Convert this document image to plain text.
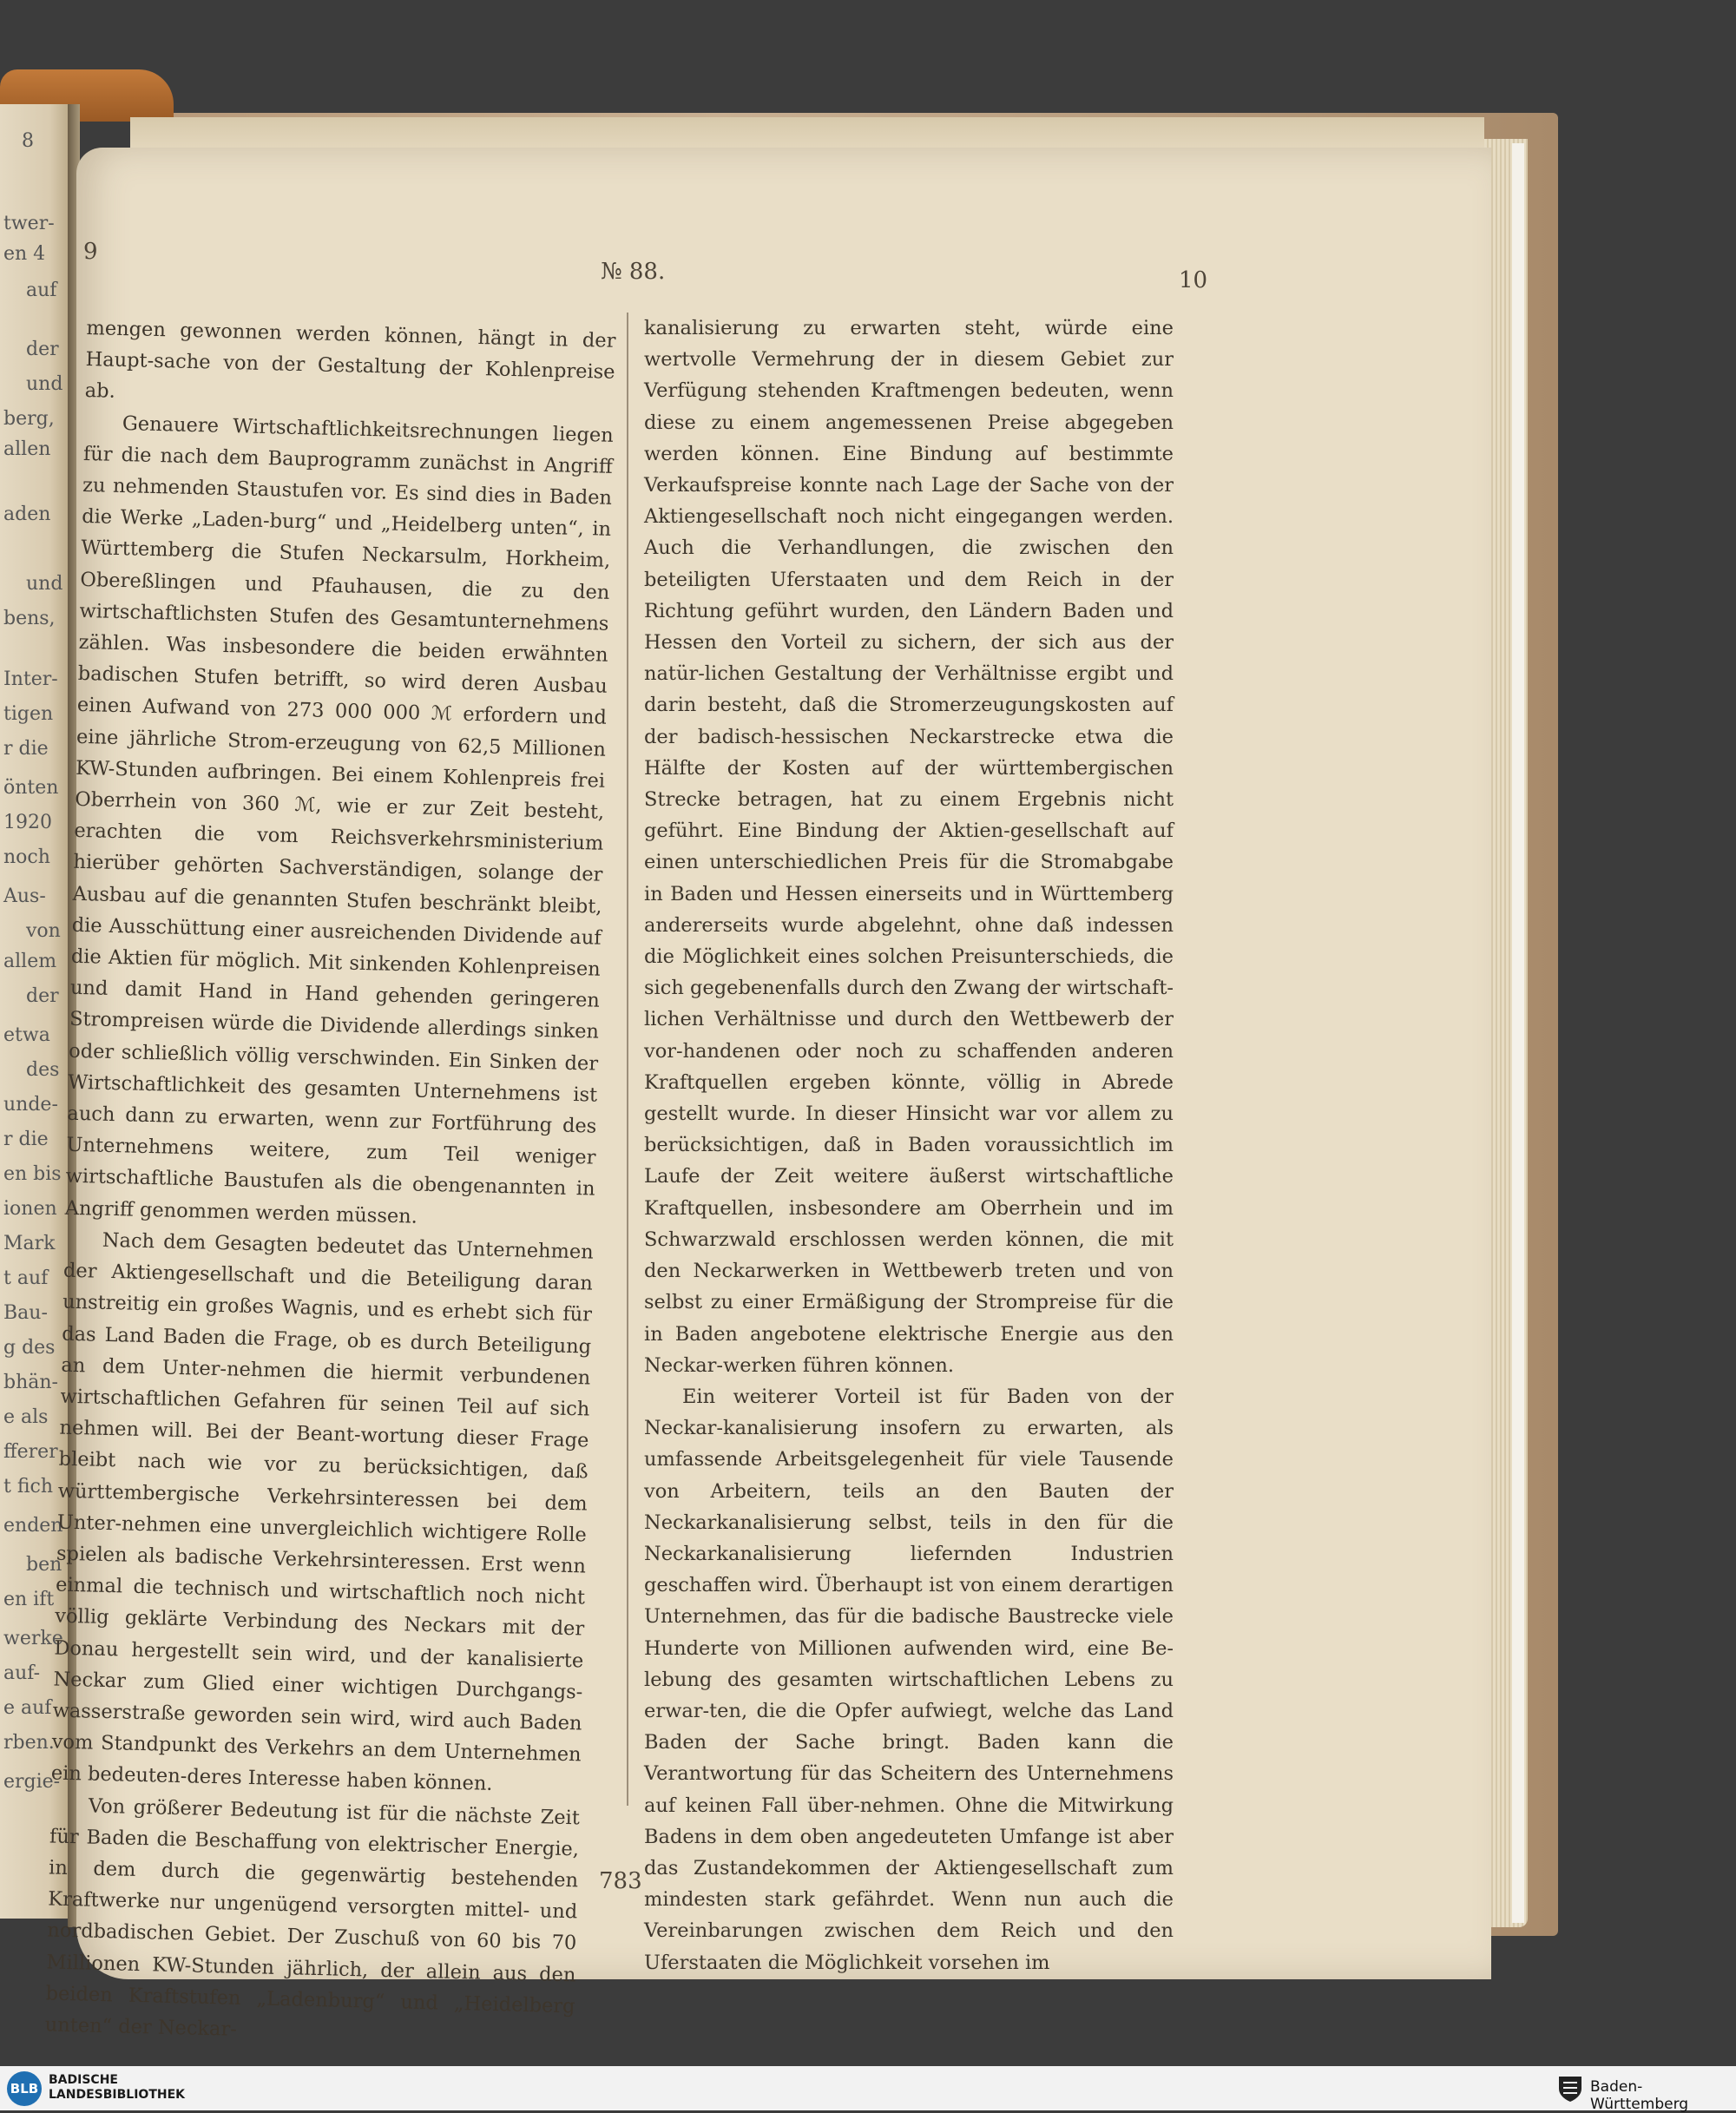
8
twer-
en 4
auf
der
und
berg,
allen
aden
und
bens,
Inter-
tigen
r die
önten
1920
noch
Aus-
von
allem
der
etwa
des
unde-
r die
en bis
ionen
Mark
t auf
Bau-
g des
bhän-
e als
fferer
t fich
enden
ben
en ift
werke
auf-
e auf
rben.
ergie-
9
№ 88.	10

mengen gewonnen werden können, hängt in der Haupt-sache von der Gestaltung der Kohlenpreise ab.

Genauere Wirtschaftlichkeitsrechnungen liegen für die nach dem Bauprogramm zunächst in Angriff zu nehmenden Staustufen vor. Es sind dies in Baden die Werke „Laden-burg“ und „Heidelberg unten“, in Württemberg die Stufen Neckarsulm, Horkheim, Obereßlingen und Pfauhausen, die zu den wirtschaftlichsten Stufen des Gesamtunternehmens zählen. Was insbesondere die beiden erwähnten badischen Stufen betrifft, so wird deren Ausbau einen Aufwand von 273 000 000 ℳ erfordern und eine jährliche Strom-erzeugung von 62,5 Millionen KW-Stunden aufbringen. Bei einem Kohlenpreis frei Oberrhein von 360 ℳ, wie er zur Zeit besteht, erachten die vom Reichsverkehrsministerium hierüber gehörten Sachverständigen, solange der Ausbau auf die genannten Stufen beschränkt bleibt, die Ausschüttung einer ausreichenden Dividende auf die Aktien für möglich. Mit sinkenden Kohlenpreisen und damit Hand in Hand gehenden geringeren Strompreisen würde die Dividende allerdings sinken oder schließlich völlig verschwinden. Ein Sinken der Wirtschaftlichkeit des gesamten Unternehmens ist auch dann zu erwarten, wenn zur Fortführung des Unternehmens weitere, zum Teil weniger wirtschaftliche Baustufen als die obengenannten in Angriff genommen werden müssen.

Nach dem Gesagten bedeutet das Unternehmen der Aktiengesellschaft und die Beteiligung daran unstreitig ein großes Wagnis, und es erhebt sich für das Land Baden die Frage, ob es durch Beteiligung an dem Unter-nehmen die hiermit verbundenen wirtschaftlichen Gefahren für seinen Teil auf sich nehmen will. Bei der Beant-wortung dieser Frage bleibt nach wie vor zu berücksichtigen, daß württembergische Verkehrsinteressen bei dem Unter-nehmen eine unvergleichlich wichtigere Rolle spielen als badische Verkehrsinteressen. Erst wenn einmal die technisch und wirtschaftlich noch nicht völlig geklärte Verbindung des Neckars mit der Donau hergestellt sein wird, und der kanalisierte Neckar zum Glied einer wichtigen Durchgangs-wasserstraße geworden sein wird, wird auch Baden vom Standpunkt des Verkehrs an dem Unternehmen ein bedeuten-deres Interesse haben können.

Von größerer Bedeutung ist für die nächste Zeit für Baden die Beschaffung von elektrischer Energie, in dem durch die gegenwärtig bestehenden Kraftwerke nur ungenügend versorgten mittel- und nordbadischen Gebiet. Der Zuschuß von 60 bis 70 Millionen KW-Stunden jährlich, der allein aus den beiden Kraftstufen „Ladenburg“ und „Heidelberg unten“ der Neckar-

kanalisierung zu erwarten steht, würde eine wertvolle Vermehrung der in diesem Gebiet zur Verfügung stehenden Kraftmengen bedeuten, wenn diese zu einem angemessenen Preise abgegeben werden können. Eine Bindung auf bestimmte Verkaufspreise konnte nach Lage der Sache von der Aktiengesellschaft noch nicht eingegangen werden. Auch die Verhandlungen, die zwischen den beteiligten Uferstaaten und dem Reich in der Richtung geführt wurden, den Ländern Baden und Hessen den Vorteil zu sichern, der sich aus der natür-lichen Gestaltung der Verhältnisse ergibt und darin besteht, daß die Stromerzeugungskosten auf der badisch-hessischen Neckarstrecke etwa die Hälfte der Kosten auf der württembergischen Strecke betragen, hat zu einem Ergebnis nicht geführt. Eine Bindung der Aktien-gesellschaft auf einen unterschiedlichen Preis für die Stromabgabe in Baden und Hessen einerseits und in Württemberg andererseits wurde abgelehnt, ohne daß indessen die Möglichkeit eines solchen Preisunterschieds, die sich gegebenenfalls durch den Zwang der wirtschaft-lichen Verhältnisse und durch den Wettbewerb der vor-handenen oder noch zu schaffenden anderen Kraftquellen ergeben könnte, völlig in Abrede gestellt wurde. In dieser Hinsicht war vor allem zu berücksichtigen, daß in Baden voraussichtlich im Laufe der Zeit weitere äußerst wirtschaftliche Kraftquellen, insbesondere am Oberrhein und im Schwarzwald erschlossen werden können, die mit den Neckarwerken in Wettbewerb treten und von selbst zu einer Ermäßigung der Strompreise für die in Baden angebotene elektrische Energie aus den Neckar-werken führen können.

Ein weiterer Vorteil ist für Baden von der Neckar-kanalisierung insofern zu erwarten, als umfassende Arbeitsgelegenheit für viele Tausende von Arbeitern, teils an den Bauten der Neckarkanalisierung selbst, teils in den für die Neckarkanalisierung liefernden Industrien geschaffen wird. Überhaupt ist von einem derartigen Unternehmen, das für die badische Baustrecke viele Hunderte von Millionen aufwenden wird, eine Be-lebung des gesamten wirtschaftlichen Lebens zu erwar-ten, die die Opfer aufwiegt, welche das Land Baden der Sache bringt. Baden kann die Verantwortung für das Scheitern des Unternehmens auf keinen Fall über-nehmen. Ohne die Mitwirkung Badens in dem oben angedeuteten Umfange ist aber das Zustandekommen der Aktiengesellschaft zum mindesten stark gefährdet. Wenn nun auch die Vereinbarungen zwischen dem Reich und den Uferstaaten die Möglichkeit vorsehen im

783
BLB
BADISCHE
LANDESBIBLIOTHEK	Baden-Württemberg
